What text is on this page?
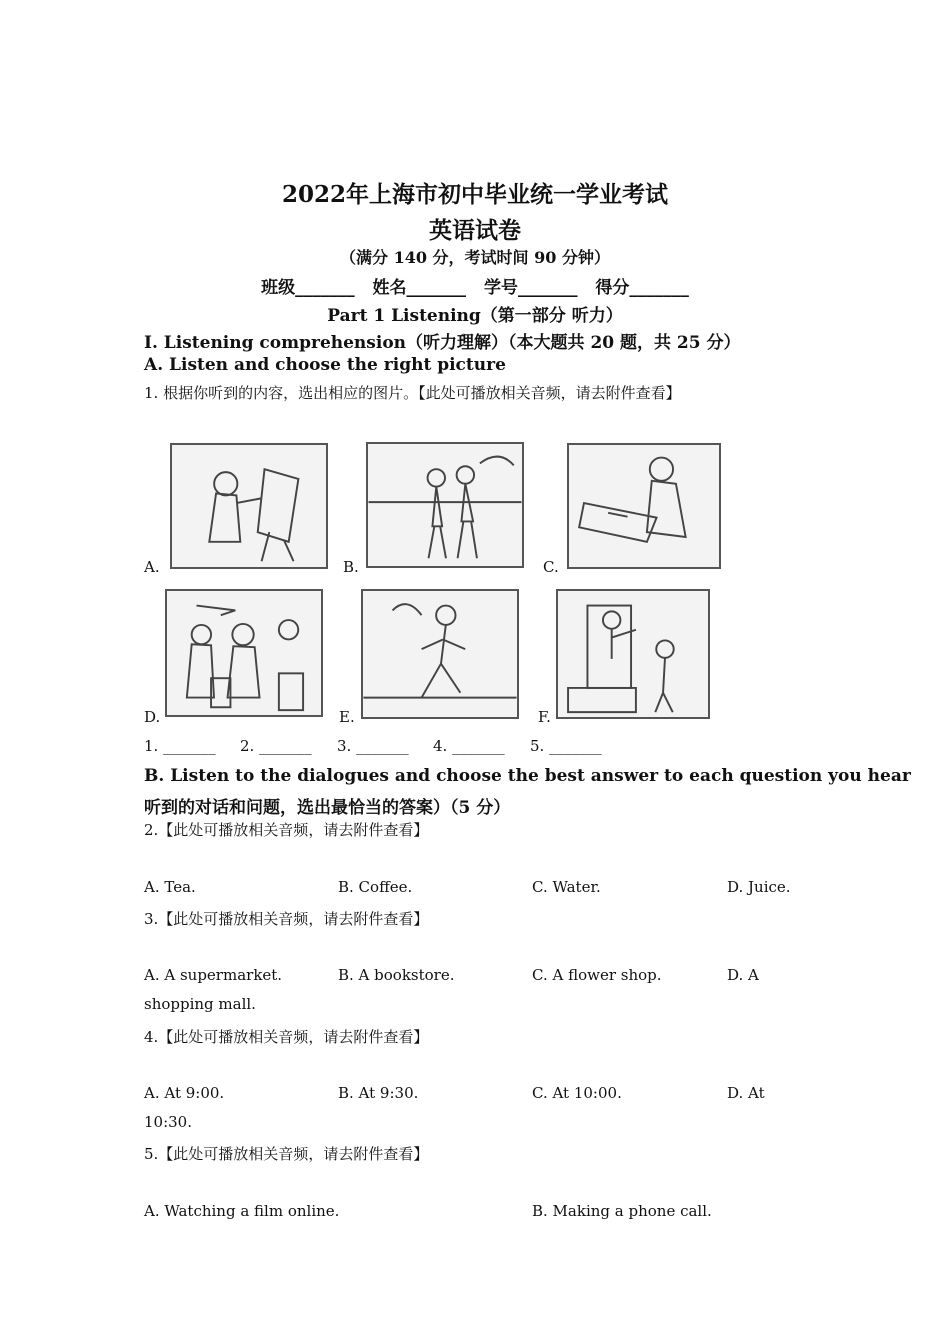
2022年上海市初中毕业统一学业考试
英语试卷
（满分 140 分，考试时间 90 分钟）
班级_______ 姓名_______ 学号_______ 得分_______
Part 1 Listening（第一部分 听力）
I. Listening comprehension（听力理解）（本大题共 20 题，共 25 分）
A. Listen and choose the right picture
1. 根据你听到的内容，选出相应的图片。【此处可播放相关音频，请去附件查看】
A.	B.	C.
D.	E.	F.
1. _______ 2. _______ 3. _______ 4. _______ 5. _______
B. Listen to the dialogues and choose the best answer to each question you hear
听到的对话和问题，选出最恰当的答案）（5 分）
2.【此处可播放相关音频，请去附件查看】
A. Tea.	B. Coffee.	C. Water.	D. Juice.
3.【此处可播放相关音频，请去附件查看】
A. A supermarket.	B. A bookstore.	C. A flower shop.	D. A
shopping mall.
4.【此处可播放相关音频，请去附件查看】
A. At 9:00.	B. At 9:30.	C. At 10:00.	D. At
10:30.
5.【此处可播放相关音频，请去附件查看】
A. Watching a film online.	B. Making a phone call.
